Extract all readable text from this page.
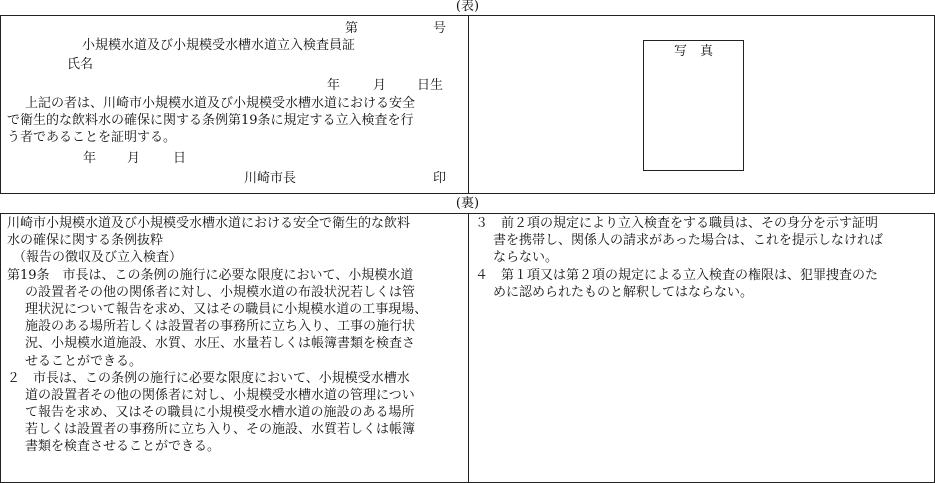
(表)
第	号
小規模水道及び小規模受水槽水道立入検査員証
氏名
年	月 日生
上記の者は、川崎市小規模水道及び小規模受水槽水道における安全
で衛生的な飲料水の確保に関する条例第19条に規定する立入検査を行
う者であることを証明する。
年 月	日
川崎市長	印
写　真
(裏)
川崎市小規模水道及び小規模受水槽水道における安全で衛生的な飲料
水の確保に関する条例抜粋
（報告の徴収及び立入検査）
第19条　市長は、この条例の施行に必要な限度において、小規模水道
の設置者その他の関係者に対し、小規模水道の布設状況若しくは管
理状況について報告を求め、又はその職員に小規模水道の工事現場、
施設のある場所若しくは設置者の事務所に立ち入り、工事の施行状
況、小規模水道施設、水質、水圧、水量若しくは帳簿書類を検査さ
せることができる。
２　市長は、この条例の施行に必要な限度において、小規模受水槽水
道の設置者その他の関係者に対し、小規模受水槽水道の管理につい
て報告を求め、又はその職員に小規模受水槽水道の施設のある場所
若しくは設置者の事務所に立ち入り、その施設、水質若しくは帳簿
書類を検査させることができる。
３　前２項の規定により立入検査をする職員は、その身分を示す証明
書を携帯し、関係人の請求があった場合は、これを提示しなければ
ならない。
４　第１項又は第２項の規定による立入検査の権限は、犯罪捜査のた
めに認められたものと解釈してはならない。
